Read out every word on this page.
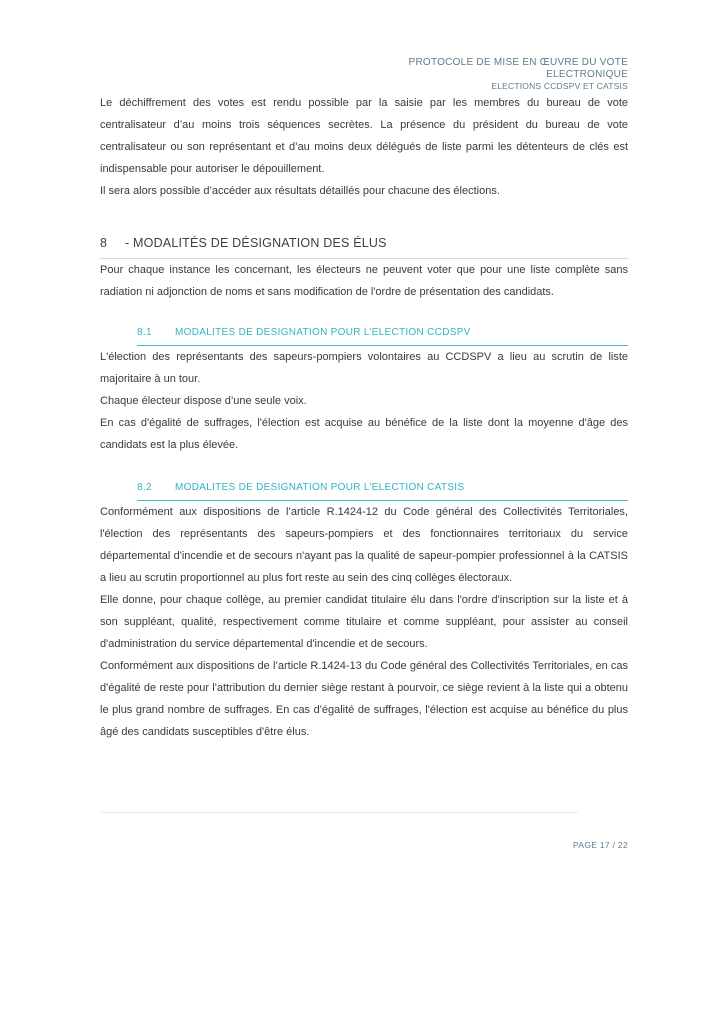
PROTOCOLE DE MISE EN ŒUVRE DU VOTE
ELECTRONIQUE
ELECTIONS CCDSPV ET CATSIS

Le déchiffrement des votes est rendu possible par la saisie par les membres du bureau de vote centralisateur d’au moins trois séquences secrètes. La présence du président du bureau de vote centralisateur ou son représentant et d’au moins deux délégués de liste parmi les détenteurs de clés est indispensable pour autoriser le dépouillement.

Il sera alors possible d’accéder aux résultats détaillés pour chacune des élections.

8 - MODALITÉS DE DÉSIGNATION DES ÉLUS

Pour chaque instance les concernant, les électeurs ne peuvent voter que pour une liste complète sans radiation ni adjonction de noms et sans modification de l'ordre de présentation des candidats.

8.1 MODALITES DE DESIGNATION POUR L’ELECTION CCDSPV

L'élection des représentants des sapeurs-pompiers volontaires au CCDSPV a lieu au scrutin de liste majoritaire à un tour.

Chaque électeur dispose d’une seule voix.

En cas d'égalité de suffrages, l'élection est acquise au bénéfice de la liste dont la moyenne d'âge des candidats est la plus élevée.

8.2 MODALITES DE DESIGNATION POUR L’ELECTION CATSIS

Conformément aux dispositions de l’article R.1424-12 du Code général des Collectivités Territoriales, l'élection des représentants des sapeurs-pompiers et des fonctionnaires territoriaux du service départemental d'incendie et de secours n'ayant pas la qualité de sapeur-pompier professionnel à la CATSIS a lieu au scrutin proportionnel au plus fort reste au sein des cinq collèges électoraux.

Elle donne, pour chaque collège, au premier candidat titulaire élu dans l'ordre d'inscription sur la liste et à son suppléant, qualité, respectivement comme titulaire et comme suppléant, pour assister au conseil d'administration du service départemental d'incendie et de secours.

Conformément aux dispositions de l’article R.1424-13 du Code général des Collectivités Territoriales, en cas d'égalité de reste pour l'attribution du dernier siège restant à pourvoir, ce siège revient à la liste qui a obtenu le plus grand nombre de suffrages. En cas d'égalité de suffrages, l'élection est acquise au bénéfice du plus âgé des candidats susceptibles d'être élus.

PAGE 17 / 22
